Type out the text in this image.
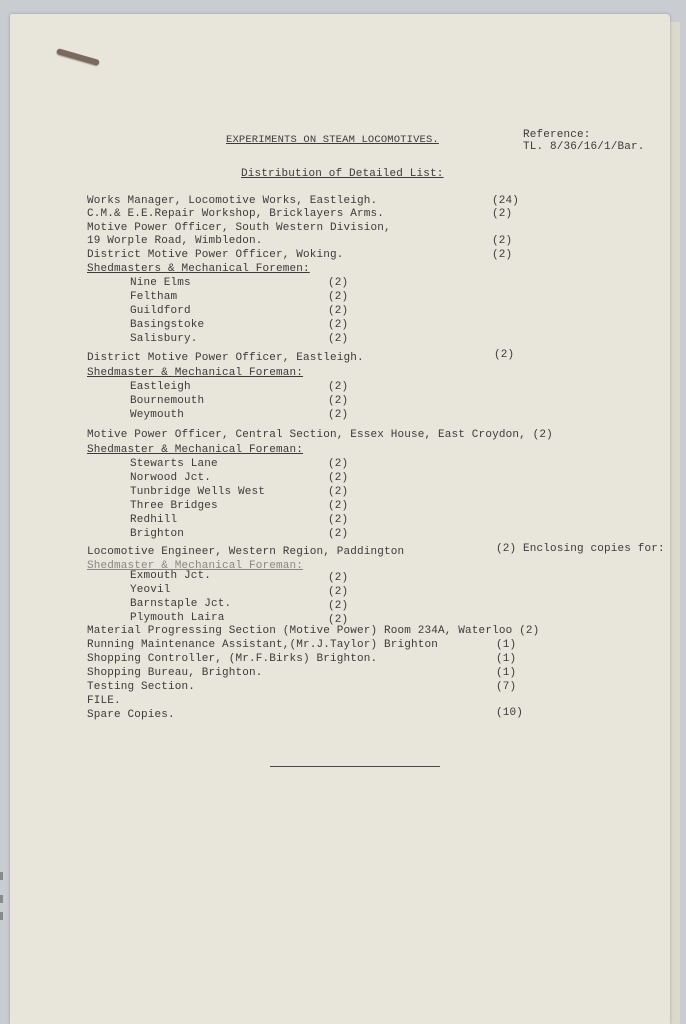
EXPERIMENTS ON STEAM LOCOMOTIVES.	Reference:
TL. 8/36/16/1/Bar.
Distribution of Detailed List:
Works Manager, Locomotive Works, Eastleigh.	(24)
C.M.& E.E.Repair Workshop, Bricklayers Arms.	(2)
Motive Power Officer, South Western Division,
19 Worple Road, Wimbledon.	(2)
District Motive Power Officer, Woking.	(2)
Shedmasters & Mechanical Foremen:
Nine Elms	(2)
Feltham	(2)
Guildford	(2)
Basingstoke	(2)
Salisbury.	(2)
District Motive Power Officer, Eastleigh.	(2)
Shedmaster & Mechanical Foreman:
Eastleigh	(2)
Bournemouth	(2)
Weymouth	(2)
Motive Power Officer, Central Section, Essex House, East Croydon, (2)
Shedmaster & Mechanical Foreman:
Stewarts Lane	(2)
Norwood Jct.	(2)
Tunbridge Wells West	(2)
Three Bridges	(2)
Redhill	(2)
Brighton	(2)
Locomotive Engineer, Western Region, Paddington	(2) Enclosing copies for:
Shedmaster & Mechanical Foreman:
Exmouth Jct.	(2)
Yeovil	(2)
Barnstaple Jct.	(2)
Plymouth Laira	(2)
Material Progressing Section (Motive Power) Room 234A, Waterloo (2)
Running Maintenance Assistant,(Mr.J.Taylor) Brighton	(1)
Shopping Controller, (Mr.F.Birks) Brighton.	(1)
Shopping Bureau, Brighton.	(1)
Testing Section.	(7)
FILE.
Spare Copies.	(10)
